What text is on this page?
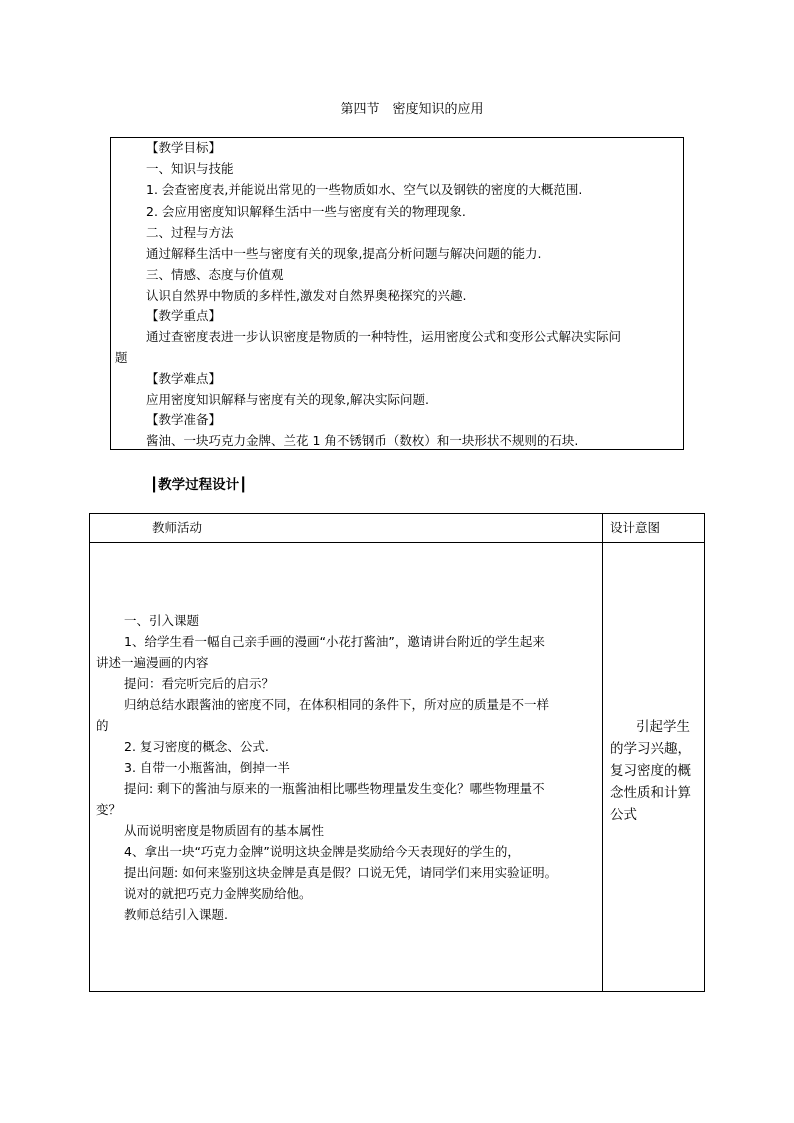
第四节　密度知识的应用
【教学目标】
一、知识与技能
1. 会查密度表,并能说出常见的一些物质如水、空气以及钢铁的密度的大概范围.
2. 会应用密度知识解释生活中一些与密度有关的物理现象.
二、过程与方法
通过解释生活中一些与密度有关的现象,提高分析问题与解决问题的能力.
三、情感、态度与价值观
认识自然界中物质的多样性,激发对自然界奥秘探究的兴趣.
【教学重点】
通过查密度表进一步认识密度是物质的一种特性，运用密度公式和变形公式解决实际问
题
【教学难点】
应用密度知识解释与密度有关的现象,解决实际问题.
【教学准备】
酱油、一块巧克力金牌、兰花 1 角不锈钢币（数枚）和一块形状不规则的石块.
┃教学过程设计┃
教师活动	设计意图
一、引入课题
1、给学生看一幅自己亲手画的漫画“小花打酱油”，邀请讲台附近的学生起来
讲述一遍漫画的内容
提问：看完听完后的启示？
归纳总结水跟酱油的密度不同，在体积相同的条件下，所对应的质量是不一样
的
2. 复习密度的概念、公式.
3. 自带一小瓶酱油，倒掉一半
提问: 剩下的酱油与原来的一瓶酱油相比哪些物理量发生变化？哪些物理量不
变？
从而说明密度是物质固有的基本属性
4、拿出一块“巧克力金牌”说明这块金牌是奖励给今天表现好的学生的，
提出问题: 如何来鉴别这块金牌是真是假？口说无凭，请同学们来用实验证明。
说对的就把巧克力金牌奖励给他。
教师总结引入课题.
引起学生
的学习兴趣，
复习密度的概
念性质和计算
公式
